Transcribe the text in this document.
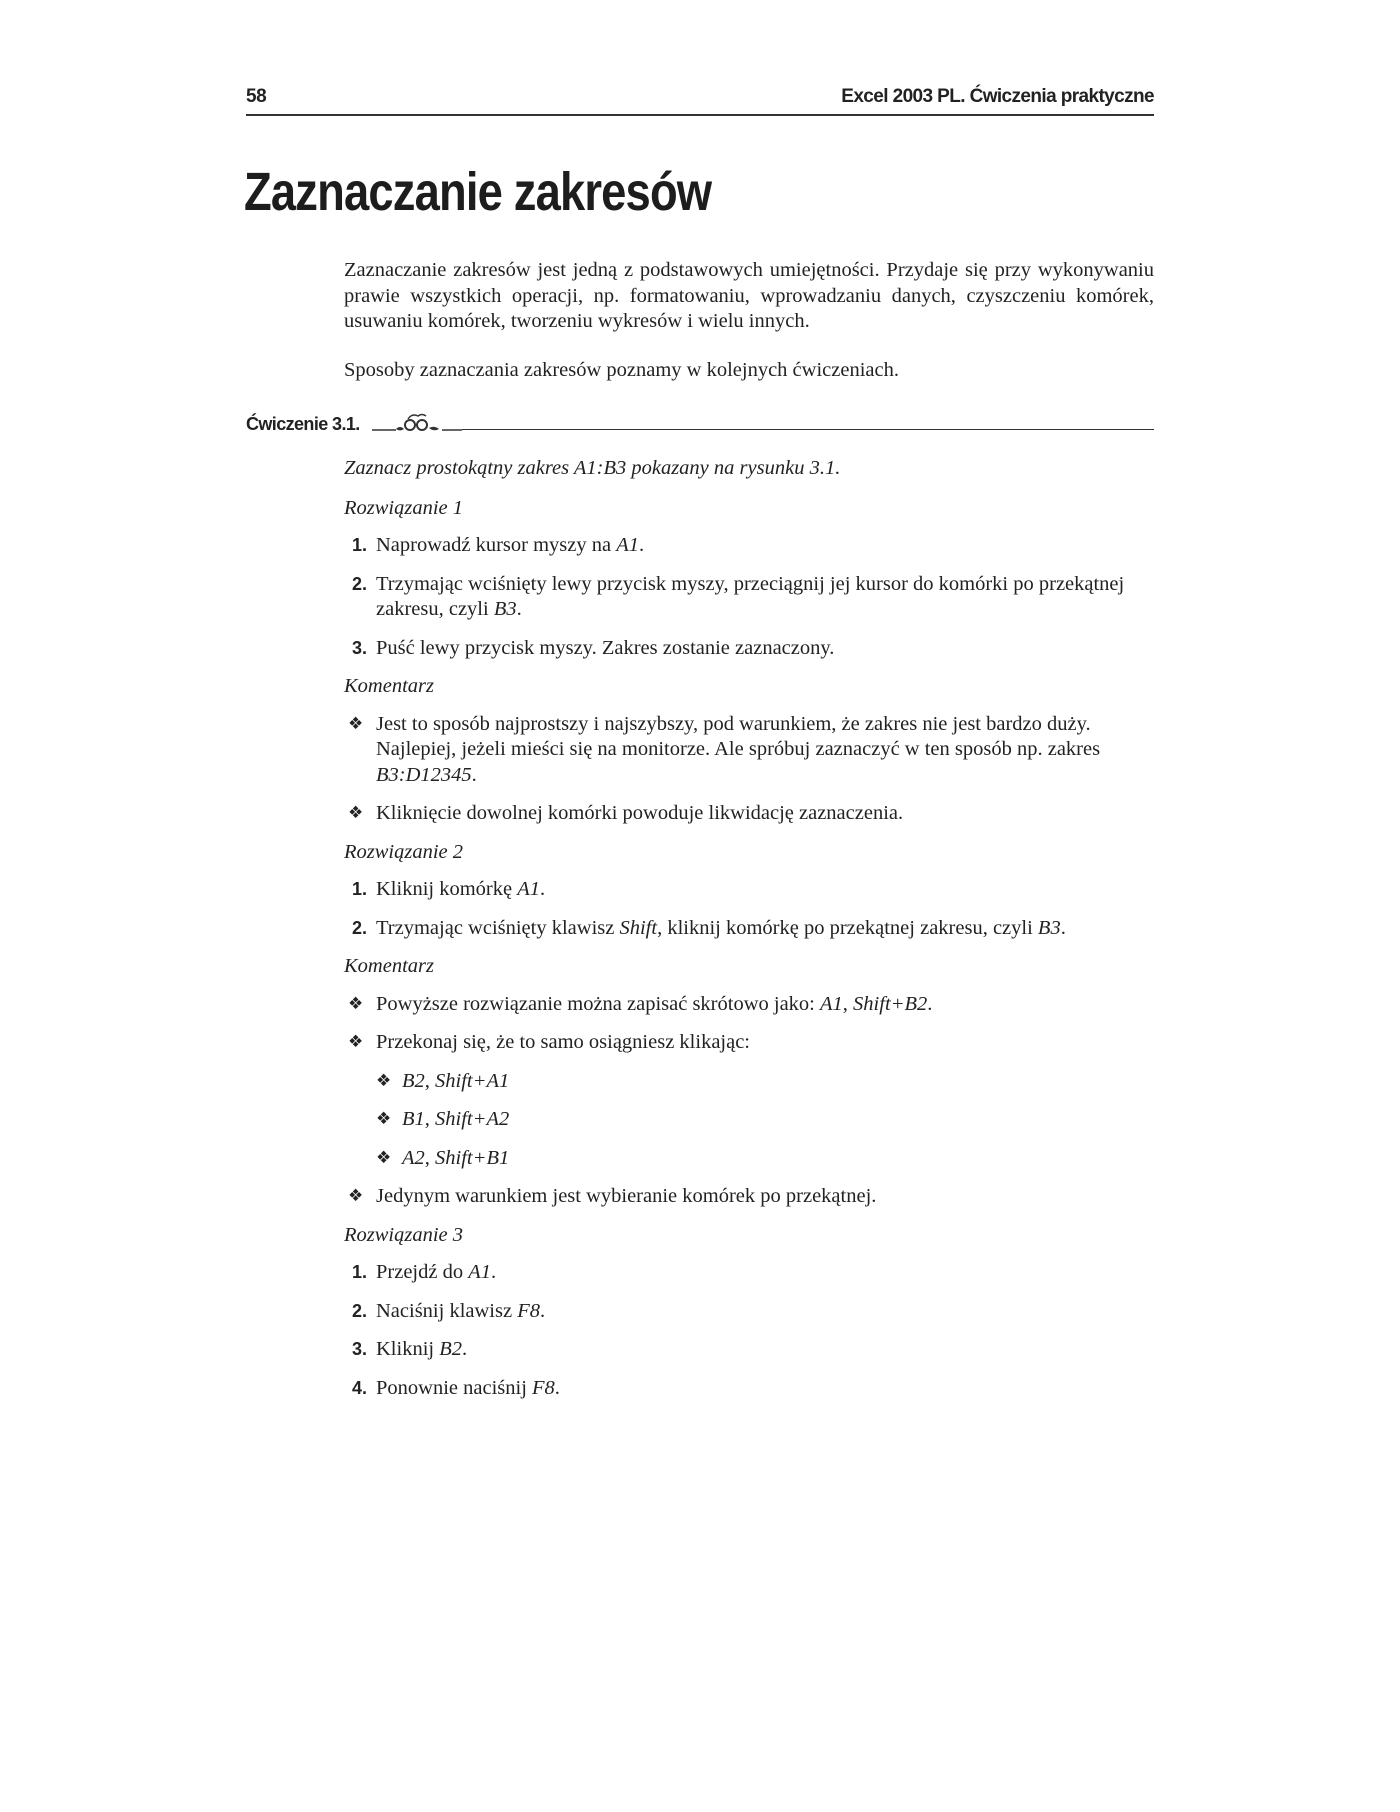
58	Excel 2003 PL. Ćwiczenia praktyczne
Zaznaczanie zakresów

Zaznaczanie zakresów jest jedną z podstawowych umiejętności. Przydaje się przy wykonywaniu prawie wszystkich operacji, np. formatowaniu, wprowadzaniu danych, czyszczeniu komórek, usuwaniu komórek, tworzeniu wykresów i wielu innych.

Sposoby zaznaczania zakresów poznamy w kolejnych ćwiczeniach.

Ćwiczenie 3.1.

Zaznacz prostokątny zakres A1:B3 pokazany na rysunku 3.1.

Rozwiązanie 1

1. Naprowadź kursor myszy na A1.
2. Trzymając wciśnięty lewy przycisk myszy, przeciągnij jej kursor do komórki po przekątnej zakresu, czyli B3.
3. Puść lewy przycisk myszy. Zakres zostanie zaznaczony.

Komentarz

❖ Jest to sposób najprostszy i najszybszy, pod warunkiem, że zakres nie jest bardzo duży. Najlepiej, jeżeli mieści się na monitorze. Ale spróbuj zaznaczyć w ten sposób np. zakres B3:D12345.
❖ Kliknięcie dowolnej komórki powoduje likwidację zaznaczenia.

Rozwiązanie 2

1. Kliknij komórkę A1.
2. Trzymając wciśnięty klawisz Shift, kliknij komórkę po przekątnej zakresu, czyli B3.

Komentarz

❖ Powyższe rozwiązanie można zapisać skrótowo jako: A1, Shift+B2.
❖ Przekonaj się, że to samo osiągniesz klikając:
❖ B2, Shift+A1
❖ B1, Shift+A2
❖ A2, Shift+B1
❖ Jedynym warunkiem jest wybieranie komórek po przekątnej.

Rozwiązanie 3

1. Przejdź do A1.
2. Naciśnij klawisz F8.
3. Kliknij B2.
4. Ponownie naciśnij F8.
